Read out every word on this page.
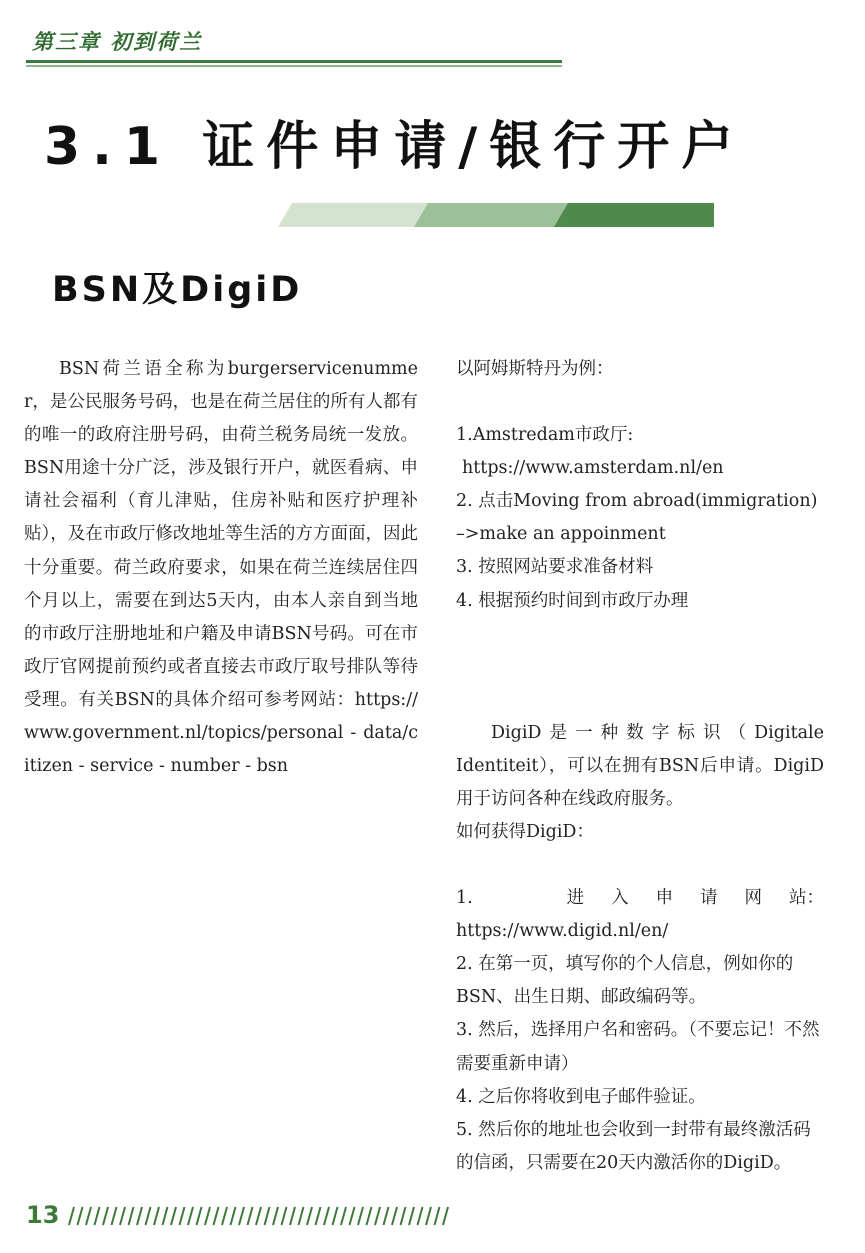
第三章 初到荷兰
3.1 证件申请/银行开户
BSN及DigiD
BSN荷兰语全称为burgerservicenummer，是公民服务号码，也是在荷兰居住的所有人都有的唯一的政府注册号码，由荷兰税务局统一发放。BSN用途十分广泛，涉及银行开户，就医看病、申请社会福利（育儿津贴，住房补贴和医疗护理补贴），及在市政厅修改地址等生活的方方面面，因此十分重要。荷兰政府要求，如果在荷兰连续居住四个月以上，需要在到达5天内，由本人亲自到当地的市政厅注册地址和户籍及申请BSN号码。可在市政厅官网提前预约或者直接去市政厅取号排队等待受理。有关BSN的具体介绍可参考网站：https://www.government.nl/topics/personal - data/citizen - service - number - bsn

以阿姆斯特丹为例：

1.Amstredam市政厅:

https://www.amsterdam.nl/en

2. 点击Moving from abroad(immigration)

–>make an appoinment

3. 按照网站要求准备材料

4. 根据预约时间到市政厅办理

DigiD是一种数字标识（Digitale Identiteit），可以在拥有BSN后申请。DigiD用于访问各种在线政府服务。

如何获得DigiD：

1.	进 入 申 请 网 站：

https://www.digid.nl/en/

2. 在第一页，填写你的个人信息，例如你的BSN、出生日期、邮政编码等。

3. 然后，选择用户名和密码。（不要忘记！不然需要重新申请）

4. 之后你将收到电子邮件验证。

5. 然后你的地址也会收到一封带有最终激活码的信函，只需要在20天内激活你的DigiD。

13
